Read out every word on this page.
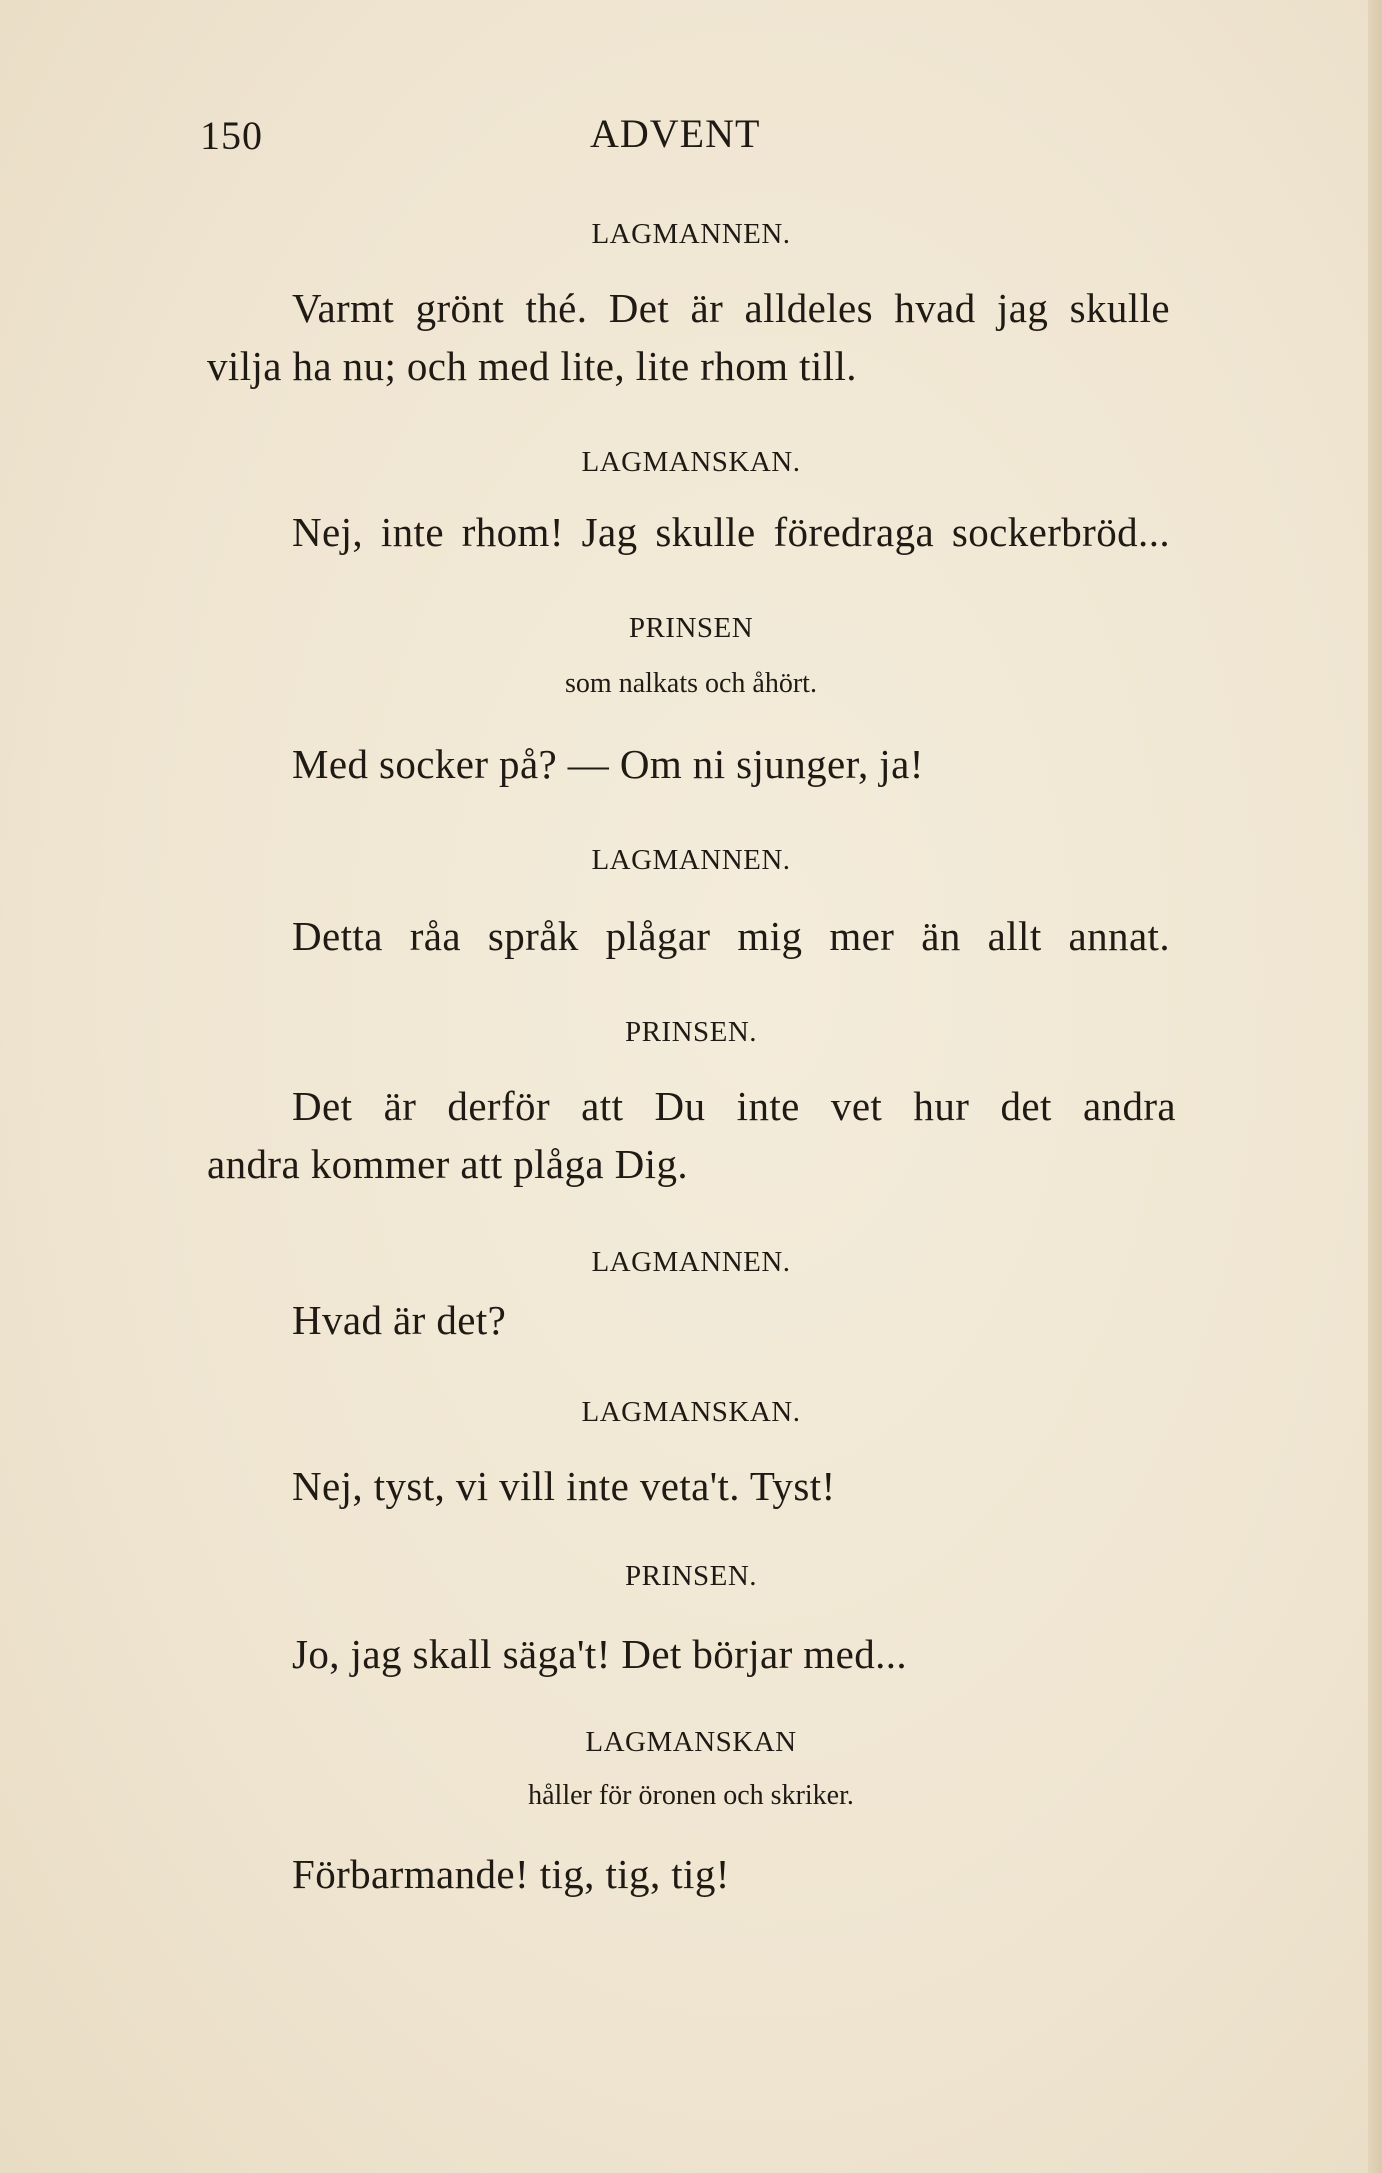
150	ADVENT
LAGMANNEN.
Varmt grönt thé. Det är alldeles hvad jag skulle
vilja ha nu; och med lite, lite rhom till.
LAGMANSKAN.
Nej, inte rhom! Jag skulle föredraga sockerbröd...
PRINSEN
som nalkats och åhört.
Med socker på? — Om ni sjunger, ja!
LAGMANNEN.
Detta råa språk plågar mig mer än allt annat.
PRINSEN.
Det är derför att Du inte vet hur det andra
andra kommer att plåga Dig.
LAGMANNEN.
Hvad är det?
LAGMANSKAN.
Nej, tyst, vi vill inte veta't. Tyst!
PRINSEN.
Jo, jag skall säga't! Det börjar med...
LAGMANSKAN
håller för öronen och skriker.
Förbarmande! tig, tig, tig!
